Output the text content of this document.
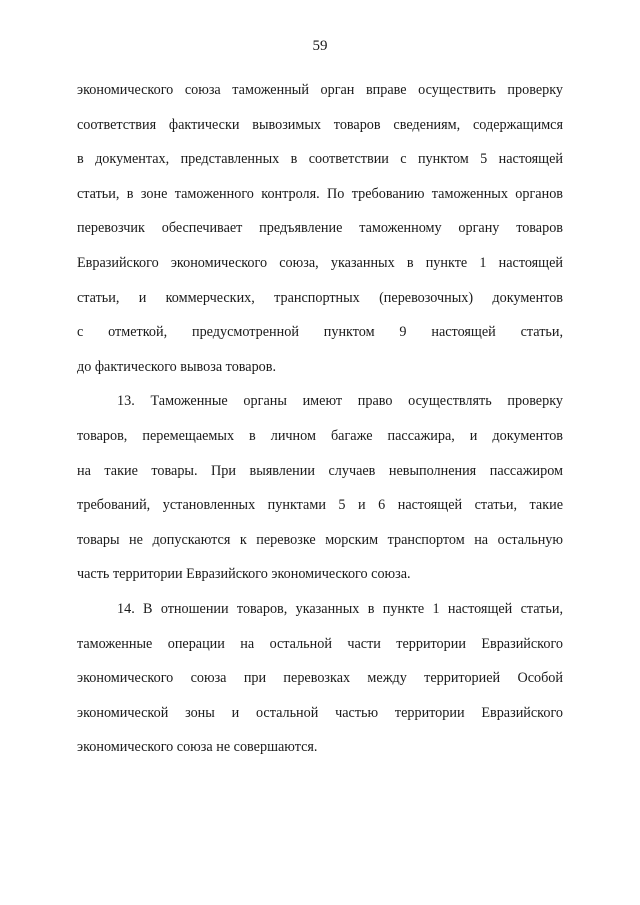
59
экономического союза таможенный орган вправе осуществить проверку
соответствия фактически вывозимых товаров сведениям, содержащимся
в документах, представленных в соответствии с пунктом 5 настоящей
статьи, в зоне таможенного контроля. По требованию таможенных органов
перевозчик обеспечивает предъявление таможенному органу товаров
Евразийского экономического союза, указанных в пункте 1 настоящей
статьи, и коммерческих, транспортных (перевозочных) документов
с отметкой, предусмотренной пунктом 9 настоящей статьи,
до фактического вывоза товаров.
13. Таможенные органы имеют право осуществлять проверку
товаров, перемещаемых в личном багаже пассажира, и документов
на такие товары. При выявлении случаев невыполнения пассажиром
требований, установленных пунктами 5 и 6 настоящей статьи, такие
товары не допускаются к перевозке морским транспортом на остальную
часть территории Евразийского экономического союза.
14. В отношении товаров, указанных в пункте 1 настоящей статьи,
таможенные операции на остальной части территории Евразийского
экономического союза при перевозках между территорией Особой
экономической зоны и остальной частью территории Евразийского
экономического союза не совершаются.
